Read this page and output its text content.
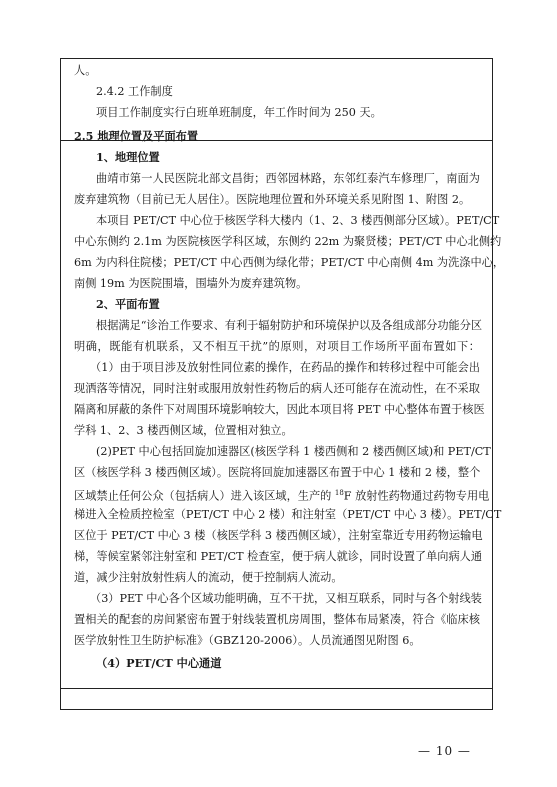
人。
2.4.2 工作制度
项目工作制度实行白班单班制度，年工作时间为 250 天。
2.5 地理位置及平面布置
1、地理位置
曲靖市第一人民医院北部文昌街；西邻园林路，东邻红泰汽车修理厂，南面为
废弃建筑物（目前已无人居住）。医院地理位置和外环境关系见附图 1、附图 2。
本项目 PET/CT 中心位于核医学科大楼内（1、2、3 楼西侧部分区域）。PET/CT
中心东侧约 2.1m 为医院核医学科区域，东侧约 22m 为聚贤楼；PET/CT 中心北侧约
6m 为内科住院楼；PET/CT 中心西侧为绿化带；PET/CT 中心南侧 4m 为洗涤中心，
南侧 19m 为医院围墙，围墙外为废弃建筑物。
2、平面布置
根据满足“诊治工作要求、有利于辐射防护和环境保护以及各组成部分功能分区
明确，既能有机联系，又不相互干扰”的原则，对项目工作场所平面布置如下：
（1）由于项目涉及放射性同位素的操作，在药品的操作和转移过程中可能会出
现洒落等情况，同时注射或服用放射性药物后的病人还可能存在流动性，在不采取
隔离和屏蔽的条件下对周围环境影响较大，因此本项目将 PET 中心整体布置于核医
学科 1、2、3 楼西侧区域，位置相对独立。
(2)PET 中心包括回旋加速器区(核医学科 1 楼西侧和 2 楼西侧区域)和 PET/CT
区（核医学科 3 楼西侧区域）。医院将回旋加速器区布置于中心 1 楼和 2 楼，整个
区域禁止任何公众（包括病人）进入该区域，生产的 $^{18}$F 放射性药物通过药物专用电
梯进入全检质控检室（PET/CT 中心 2 楼）和注射室（PET/CT 中心 3 楼）。PET/CT
区位于 PET/CT 中心 3 楼（核医学科 3 楼西侧区域），注射室靠近专用药物运输电
梯，等候室紧邻注射室和 PET/CT 检查室，便于病人就诊，同时设置了单向病人通
道，减少注射放射性病人的流动，便于控制病人流动。
（3）PET 中心各个区域功能明确，互不干扰，又相互联系，同时与各个射线装
置相关的配套的房间紧密布置于射线装置机房周围，整体布局紧凑，符合《临床核
医学放射性卫生防护标准》（GBZ120-2006）。人员流通图见附图 6。
（4）PET/CT 中心通道
— 10 —
